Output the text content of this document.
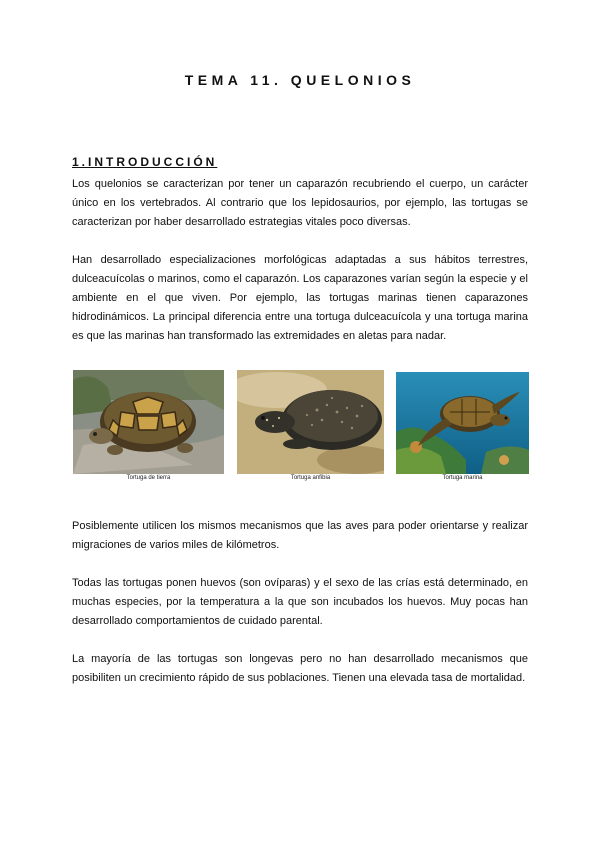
TEMA 11. QUELONIOS
1.INTRODUCCIÓN

Los quelonios se caracterizan por tener un caparazón recubriendo el cuerpo, un carácter único en los vertebrados. Al contrario que los lepidosaurios, por ejemplo, las tortugas se caracterizan por haber desarrollado estrategias vitales poco diversas.

Han desarrollado especializaciones morfológicas adaptadas a sus hábitos terrestres, dulceacuícolas o marinos, como el caparazón. Los caparazones varían según la especie y el ambiente en el que viven. Por ejemplo, las tortugas marinas tienen caparazones hidrodinámicos. La principal diferencia entre una tortuga dulceacuícola y una tortuga marina es que las marinas han transformado las extremidades en aletas para nadar.

Tortuga de tierra	Tortuga anfibia	Tortuga marina

Posiblemente utilicen los mismos mecanismos que las aves para poder orientarse y realizar migraciones de varios miles de kilómetros.

Todas las tortugas ponen huevos (son ovíparas) y el sexo de las crías está determinado, en muchas especies, por la temperatura a la que son incubados los huevos. Muy pocas han desarrollado comportamientos de cuidado parental.

La mayoría de las tortugas son longevas pero no han desarrollado mecanismos que posibiliten un crecimiento rápido de sus poblaciones. Tienen una elevada tasa de mortalidad.
